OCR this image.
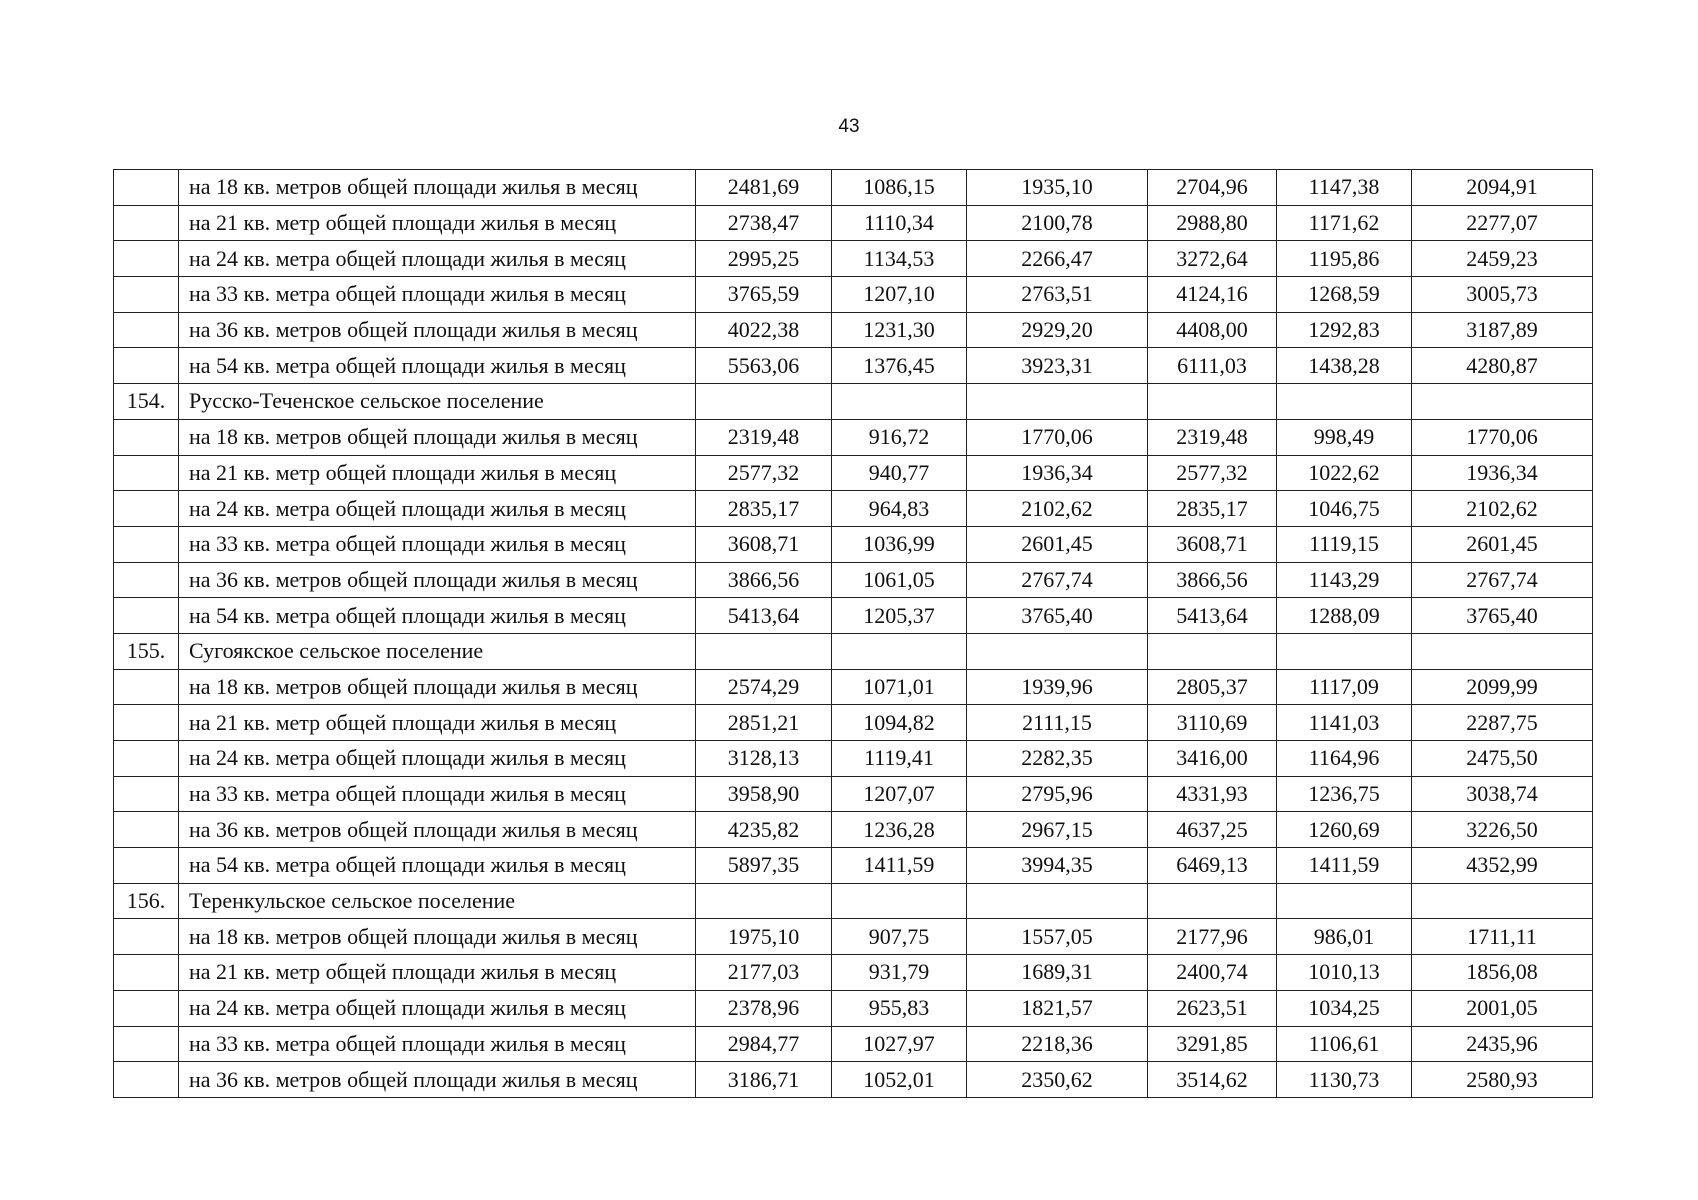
43
	на 18 кв. метров общей площади жилья в месяц	2481,69	1086,15	1935,10	2704,96	1147,38	2094,91
	на 21 кв. метр общей площади жилья в месяц	2738,47	1110,34	2100,78	2988,80	1171,62	2277,07
	на 24 кв. метра общей площади жилья в месяц	2995,25	1134,53	2266,47	3272,64	1195,86	2459,23
	на 33 кв. метра общей площади жилья в месяц	3765,59	1207,10	2763,51	4124,16	1268,59	3005,73
	на 36 кв. метров общей площади жилья в месяц	4022,38	1231,30	2929,20	4408,00	1292,83	3187,89
	на 54 кв. метра общей площади жилья в месяц	5563,06	1376,45	3923,31	6111,03	1438,28	4280,87
154.	Русско-Теченское сельское поселение						
	на 18 кв. метров общей площади жилья в месяц	2319,48	916,72	1770,06	2319,48	998,49	1770,06
	на 21 кв. метр общей площади жилья в месяц	2577,32	940,77	1936,34	2577,32	1022,62	1936,34
	на 24 кв. метра общей площади жилья в месяц	2835,17	964,83	2102,62	2835,17	1046,75	2102,62
	на 33 кв. метра общей площади жилья в месяц	3608,71	1036,99	2601,45	3608,71	1119,15	2601,45
	на 36 кв. метров общей площади жилья в месяц	3866,56	1061,05	2767,74	3866,56	1143,29	2767,74
	на 54 кв. метра общей площади жилья в месяц	5413,64	1205,37	3765,40	5413,64	1288,09	3765,40
155.	Сугоякское сельское поселение						
	на 18 кв. метров общей площади жилья в месяц	2574,29	1071,01	1939,96	2805,37	1117,09	2099,99
	на 21 кв. метр общей площади жилья в месяц	2851,21	1094,82	2111,15	3110,69	1141,03	2287,75
	на 24 кв. метра общей площади жилья в месяц	3128,13	1119,41	2282,35	3416,00	1164,96	2475,50
	на 33 кв. метра общей площади жилья в месяц	3958,90	1207,07	2795,96	4331,93	1236,75	3038,74
	на 36 кв. метров общей площади жилья в месяц	4235,82	1236,28	2967,15	4637,25	1260,69	3226,50
	на 54 кв. метра общей площади жилья в месяц	5897,35	1411,59	3994,35	6469,13	1411,59	4352,99
156.	Теренкульское сельское поселение						
	на 18 кв. метров общей площади жилья в месяц	1975,10	907,75	1557,05	2177,96	986,01	1711,11
	на 21 кв. метр общей площади жилья в месяц	2177,03	931,79	1689,31	2400,74	1010,13	1856,08
	на 24 кв. метра общей площади жилья в месяц	2378,96	955,83	1821,57	2623,51	1034,25	2001,05
	на 33 кв. метра общей площади жилья в месяц	2984,77	1027,97	2218,36	3291,85	1106,61	2435,96
	на 36 кв. метров общей площади жилья в месяц	3186,71	1052,01	2350,62	3514,62	1130,73	2580,93
